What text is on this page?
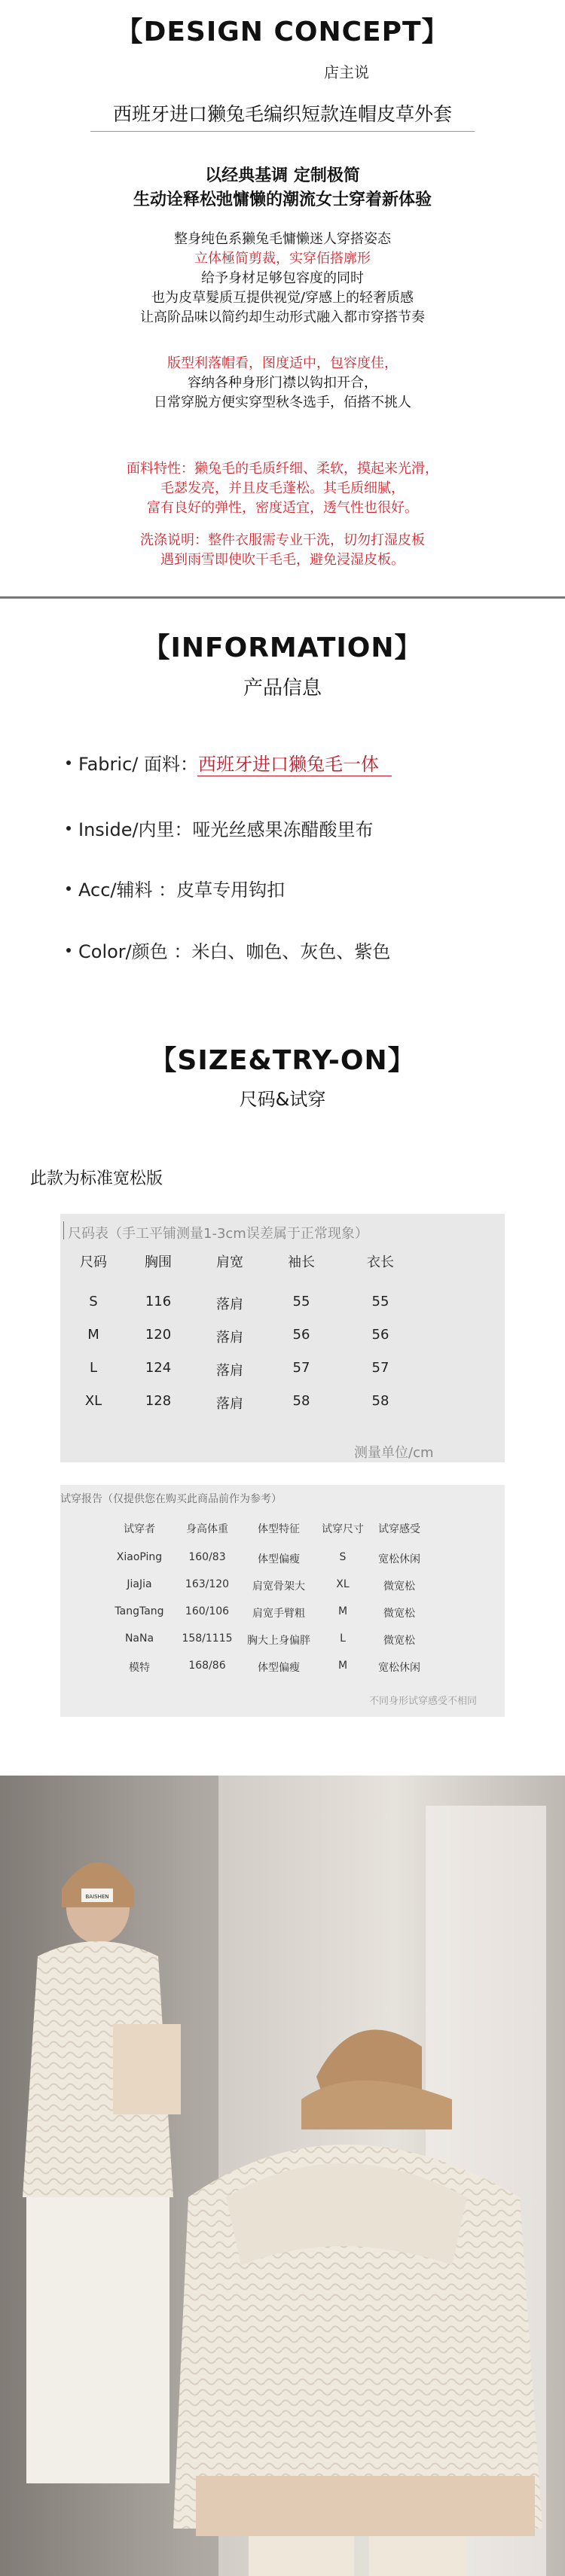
【DESIGN CONCEPT】
店主说
西班牙进口獭兔毛编织短款连帽皮草外套
以经典基调 定制极简
生动诠释松弛慵懒的潮流女士穿着新体验
整身纯色系獭兔毛慵懒迷人穿搭姿态
立体極简剪裁，实穿佰搭廓形
给予身材足够包容度的同时
也为皮草髮质互提供视觉/穿感上的轻奢质感
让高阶品味以简约却生动形式融入都市穿搭节奏
版型利落帽看，图度适中，包容度佳，
容纳各种身形门襟以钩扣开合，
日常穿脱方便实穿型秋冬选手，佰搭不挑人
面料特性：獭兔毛的毛质纤细、柔软，摸起来光滑，
毛瑟发亮，并且皮毛蓬松。其毛质细腻，
富有良好的弹性，密度适宜，透气性也很好。
洗涤说明：整件衣服需专业干洗，切勿打湿皮板
遇到雨雪即使吹干毛毛，避免浸湿皮板。
【INFORMATION】
产品信息
Fabric/ 面料：西班牙进口獭兔毛一体
Inside/内里：哑光丝感果冻醋酸里布
Acc/辅料 ：皮草专用钩扣
Color/颜色 ：米白、咖色、灰色、紫色
【SIZE&TRY-ON】
尺码&试穿
此款为标准宽松版
尺码表（手工平铺测量1-3cm误差属于正常现象）
尺码	胸围	肩宽	袖长	衣长
S	116	落肩	55	55
M	120	落肩	56	56
L	124	落肩	57	57
XL	128	落肩	58	58
测量单位/cm
试穿报告（仅提供您在购买此商品前作为参考）
试穿者	身高体重	体型特征	试穿尺寸	试穿感受
XiaoPing	160/83	体型偏瘦	S	宽松休闲
JiaJia	163/120	肩宽骨架大	XL	微宽松
TangTang	160/106	肩宽手臂粗	M	微宽松
NaNa	158/1115	胸大上身偏胖	L	微宽松
模特	168/86	体型偏瘦	M	宽松休闲
不同身形试穿感受不相同
BAISHEN
